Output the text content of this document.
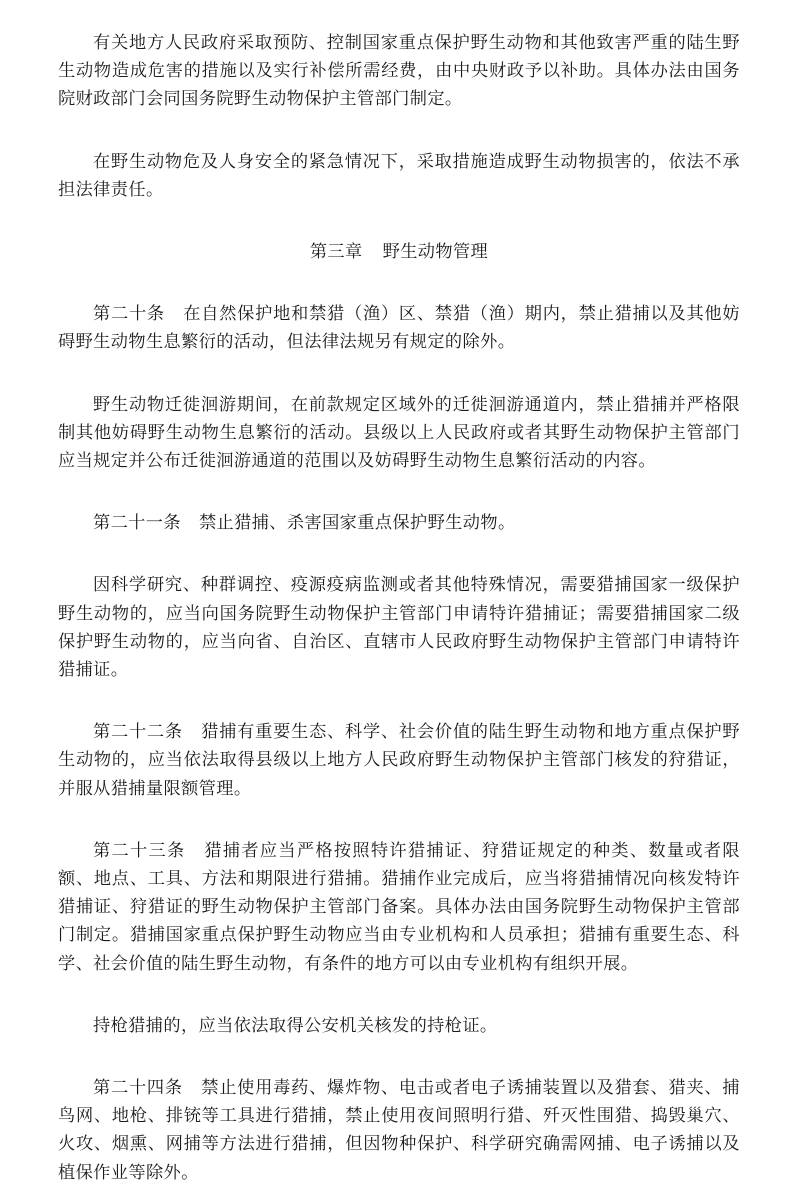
有关地方人民政府采取预防、控制国家重点保护野生动物和其他致害严重的陆生野生动物造成危害的措施以及实行补偿所需经费，由中央财政予以补助。具体办法由国务院财政部门会同国务院野生动物保护主管部门制定。

在野生动物危及人身安全的紧急情况下，采取措施造成野生动物损害的，依法不承担法律责任。

第三章 野生动物管理

第二十条 在自然保护地和禁猎（渔）区、禁猎（渔）期内，禁止猎捕以及其他妨碍野生动物生息繁衍的活动，但法律法规另有规定的除外。

野生动物迁徙洄游期间，在前款规定区域外的迁徙洄游通道内，禁止猎捕并严格限制其他妨碍野生动物生息繁衍的活动。县级以上人民政府或者其野生动物保护主管部门应当规定并公布迁徙洄游通道的范围以及妨碍野生动物生息繁衍活动的内容。

第二十一条 禁止猎捕、杀害国家重点保护野生动物。

因科学研究、种群调控、疫源疫病监测或者其他特殊情况，需要猎捕国家一级保护野生动物的，应当向国务院野生动物保护主管部门申请特许猎捕证；需要猎捕国家二级保护野生动物的，应当向省、自治区、直辖市人民政府野生动物保护主管部门申请特许猎捕证。

第二十二条 猎捕有重要生态、科学、社会价值的陆生野生动物和地方重点保护野生动物的，应当依法取得县级以上地方人民政府野生动物保护主管部门核发的狩猎证，并服从猎捕量限额管理。

第二十三条 猎捕者应当严格按照特许猎捕证、狩猎证规定的种类、数量或者限额、地点、工具、方法和期限进行猎捕。猎捕作业完成后，应当将猎捕情况向核发特许猎捕证、狩猎证的野生动物保护主管部门备案。具体办法由国务院野生动物保护主管部门制定。猎捕国家重点保护野生动物应当由专业机构和人员承担；猎捕有重要生态、科学、社会价值的陆生野生动物，有条件的地方可以由专业机构有组织开展。

持枪猎捕的，应当依法取得公安机关核发的持枪证。

第二十四条 禁止使用毒药、爆炸物、电击或者电子诱捕装置以及猎套、猎夹、捕鸟网、地枪、排铳等工具进行猎捕，禁止使用夜间照明行猎、歼灭性围猎、捣毁巢穴、火攻、烟熏、网捕等方法进行猎捕，但因物种保护、科学研究确需网捕、电子诱捕以及植保作业等除外。
